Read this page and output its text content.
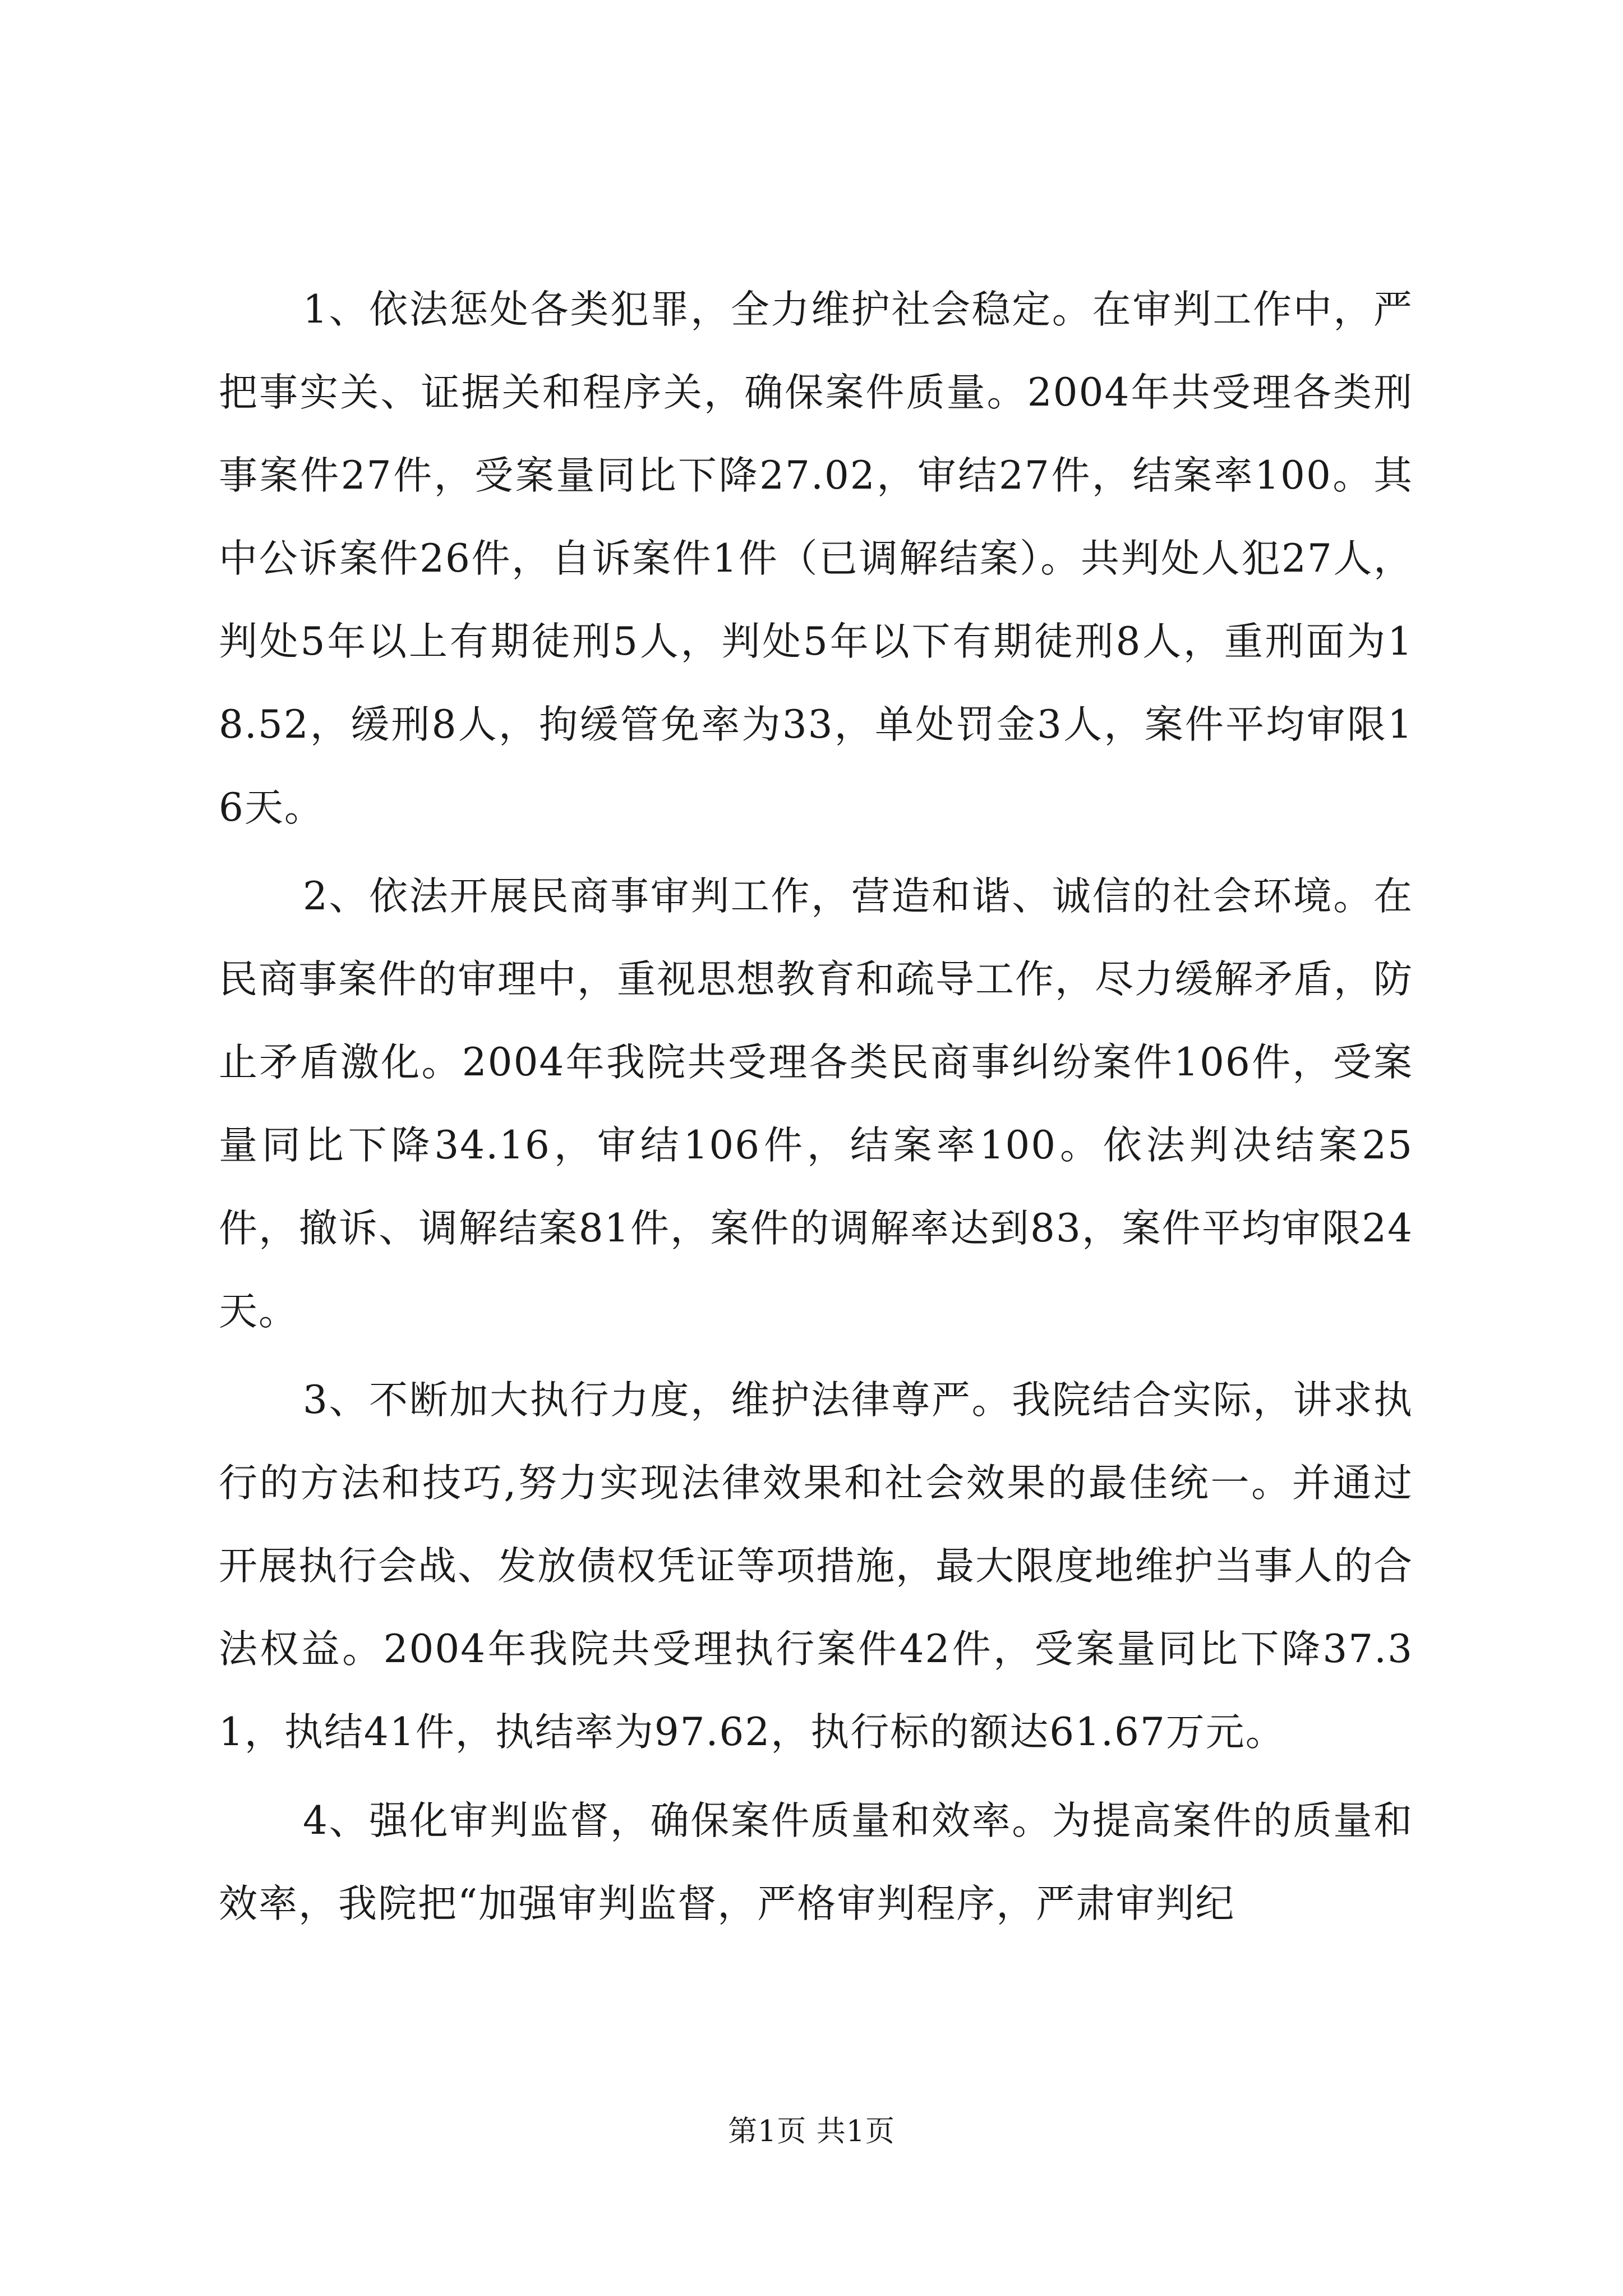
1、依法惩处各类犯罪，全力维护社会稳定。在审判工作中，严把事实关、证据关和程序关，确保案件质量。2004年共受理各类刑事案件27件，受案量同比下降27.02，审结27件，结案率100。其中公诉案件26件，自诉案件1件（已调解结案）。共判处人犯27人，判处5年以上有期徒刑5人，判处5年以下有期徒刑8人，重刑面为18.52，缓刑8人，拘缓管免率为33，单处罚金3人，案件平均审限16天。

2、依法开展民商事审判工作，营造和谐、诚信的社会环境。在民商事案件的审理中，重视思想教育和疏导工作，尽力缓解矛盾，防止矛盾激化。2004年我院共受理各类民商事纠纷案件106件，受案量同比下降34.16，审结106件，结案率100。依法判决结案25件，撤诉、调解结案81件，案件的调解率达到83，案件平均审限24天。

3、不断加大执行力度，维护法律尊严。我院结合实际，讲求执行的方法和技巧,努力实现法律效果和社会效果的最佳统一。并通过开展执行会战、发放债权凭证等项措施，最大限度地维护当事人的合法权益。2004年我院共受理执行案件42件，受案量同比下降37.31，执结41件，执结率为97.62，执行标的额达61.67万元。

4、强化审判监督，确保案件质量和效率。为提高案件的质量和效率，我院把“加强审判监督，严格审判程序，严肃审判纪

第1页 共1页
